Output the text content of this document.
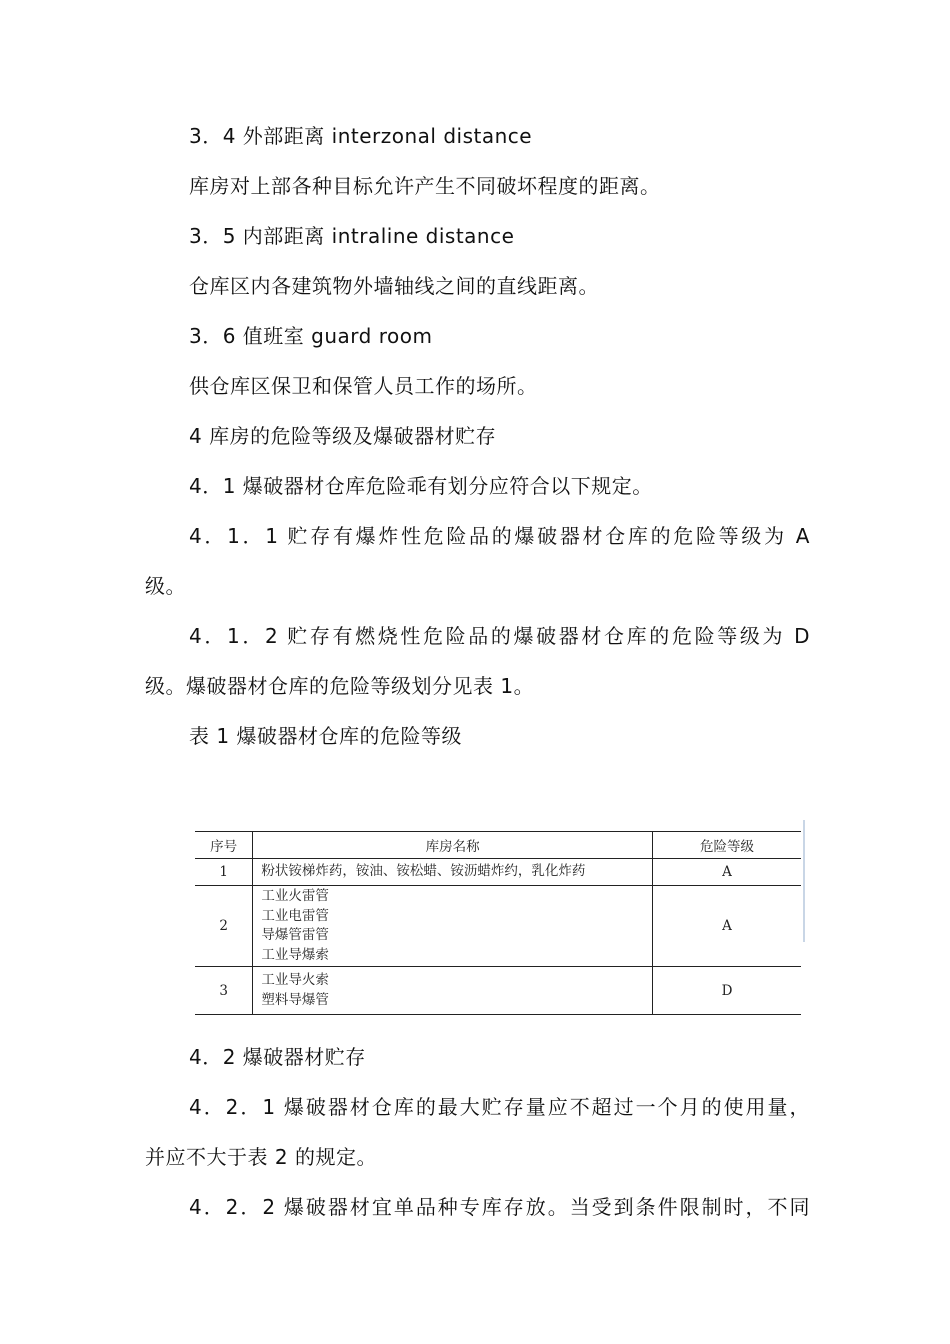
3．4 外部距离 interzonal distance

库房对上部各种目标允许产生不同破坏程度的距离。

3．5 内部距离 intraline distance

仓库区内各建筑物外墙轴线之间的直线距离。

3．6 值班室 guard room

供仓库区保卫和保管人员工作的场所。

4 库房的危险等级及爆破器材贮存

4．1 爆破器材仓库危险乖有划分应符合以下规定。

4．1．1 贮存有爆炸性危险品的爆破器材仓库的危险等级为 A
级。
4．1．2 贮存有燃烧性危险品的爆破器材仓库的危险等级为 D
级。爆破器材仓库的危险等级划分见表 1。

表 1 爆破器材仓库的危险等级

序号	库房名称	危险等级
1	粉状铵梯炸药，铵油、铵松蜡、铵沥蜡炸约，乳化炸药	A
2	工业火雷管
工业电雷管
导爆管雷管
工业导爆索	A
3	工业导火索
塑料导爆管	D

4．2 爆破器材贮存

4．2．1 爆破器材仓库的最大贮存量应不超过一个月的使用量，
并应不大于表 2 的规定。
4．2．2 爆破器材宜单品种专库存放。当受到条件限制时，不同
